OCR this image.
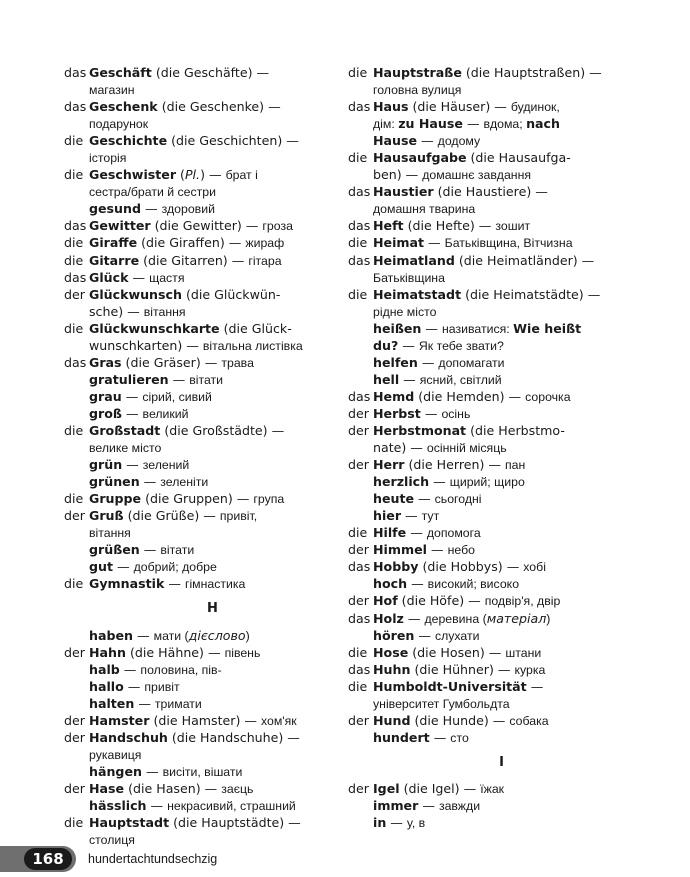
das Geschäft (die Geschäfte) —
магазин
das Geschenk (die Geschenke) —
подарунок
die Geschichte (die Geschichten) —
історія
die Geschwister (Pl.) — брат і
сестра/брати й сестри
gesund — здоровий
das Gewitter (die Gewitter) — гроза
die Giraffe (die Giraffen) — жираф
die Gitarre (die Gitarren) — гітара
das Glück — щастя
der Glückwunsch (die Glückwün-
sche) — вітання
die Glückwunschkarte (die Glück-
wunschkarten) — вітальна листівка
das Gras (die Gräser) — трава
gratulieren — вітати
grau — сірий, сивий
groß — великий
die Großstadt (die Großstädte) —
велике місто
grün — зелений
grünen — зеленіти
die Gruppe (die Gruppen) — група
der Gruß (die Grüße) — привіт,
вітання
grüßen — вітати
gut — добрий; добре
die Gymnastik — гімнастика
H
haben — мати (дієслово)
der Hahn (die Hähne) — півень
halb — половина, пів-
hallo — привіт
halten — тримати
der Hamster (die Hamster) — хом'як
der Handschuh (die Handschuhe) —
рукавиця
hängen — висіти, вішати
der Hase (die Hasen) — заєць
hässlich — некрасивий, страшний
die Hauptstadt (die Hauptstädte) —
столиця
die Hauptstraße (die Hauptstraßen) —
головна вулиця
das Haus (die Häuser) — будинок,
дім: zu Hause — вдома; nach
Hause — додому
die Hausaufgabe (die Hausaufga-
ben) — домашнє завдання
das Haustier (die Haustiere) —
домашня тварина
das Heft (die Hefte) — зошит
die Heimat — Батьківщина, Вітчизна
das Heimatland (die Heimatländer) —
Батьківщина
die Heimatstadt (die Heimatstädte) —
рідне місто
heißen — називатися: Wie heißt
du? — Як тебе звати?
helfen — допомагати
hell — ясний, світлий
das Hemd (die Hemden) — сорочка
der Herbst — осінь
der Herbstmonat (die Herbstmo-
nate) — осінній місяць
der Herr (die Herren) — пан
herzlich — щирий; щиро
heute — сьогодні
hier — тут
die Hilfe — допомога
der Himmel — небо
das Hobby (die Hobbys) — хобі
hoch — високий; високо
der Hof (die Höfe) — подвір'я, двір
das Holz — деревина (матеріал)
hören — слухати
die Hose (die Hosen) — штани
das Huhn (die Hühner) — курка
die Humboldt-Universität —
університет Гумбольдта
der Hund (die Hunde) — собака
hundert — сто
I
der Igel (die Igel) — їжак
immer — завжди
in — у, в
168	hundertachtundsechzig
